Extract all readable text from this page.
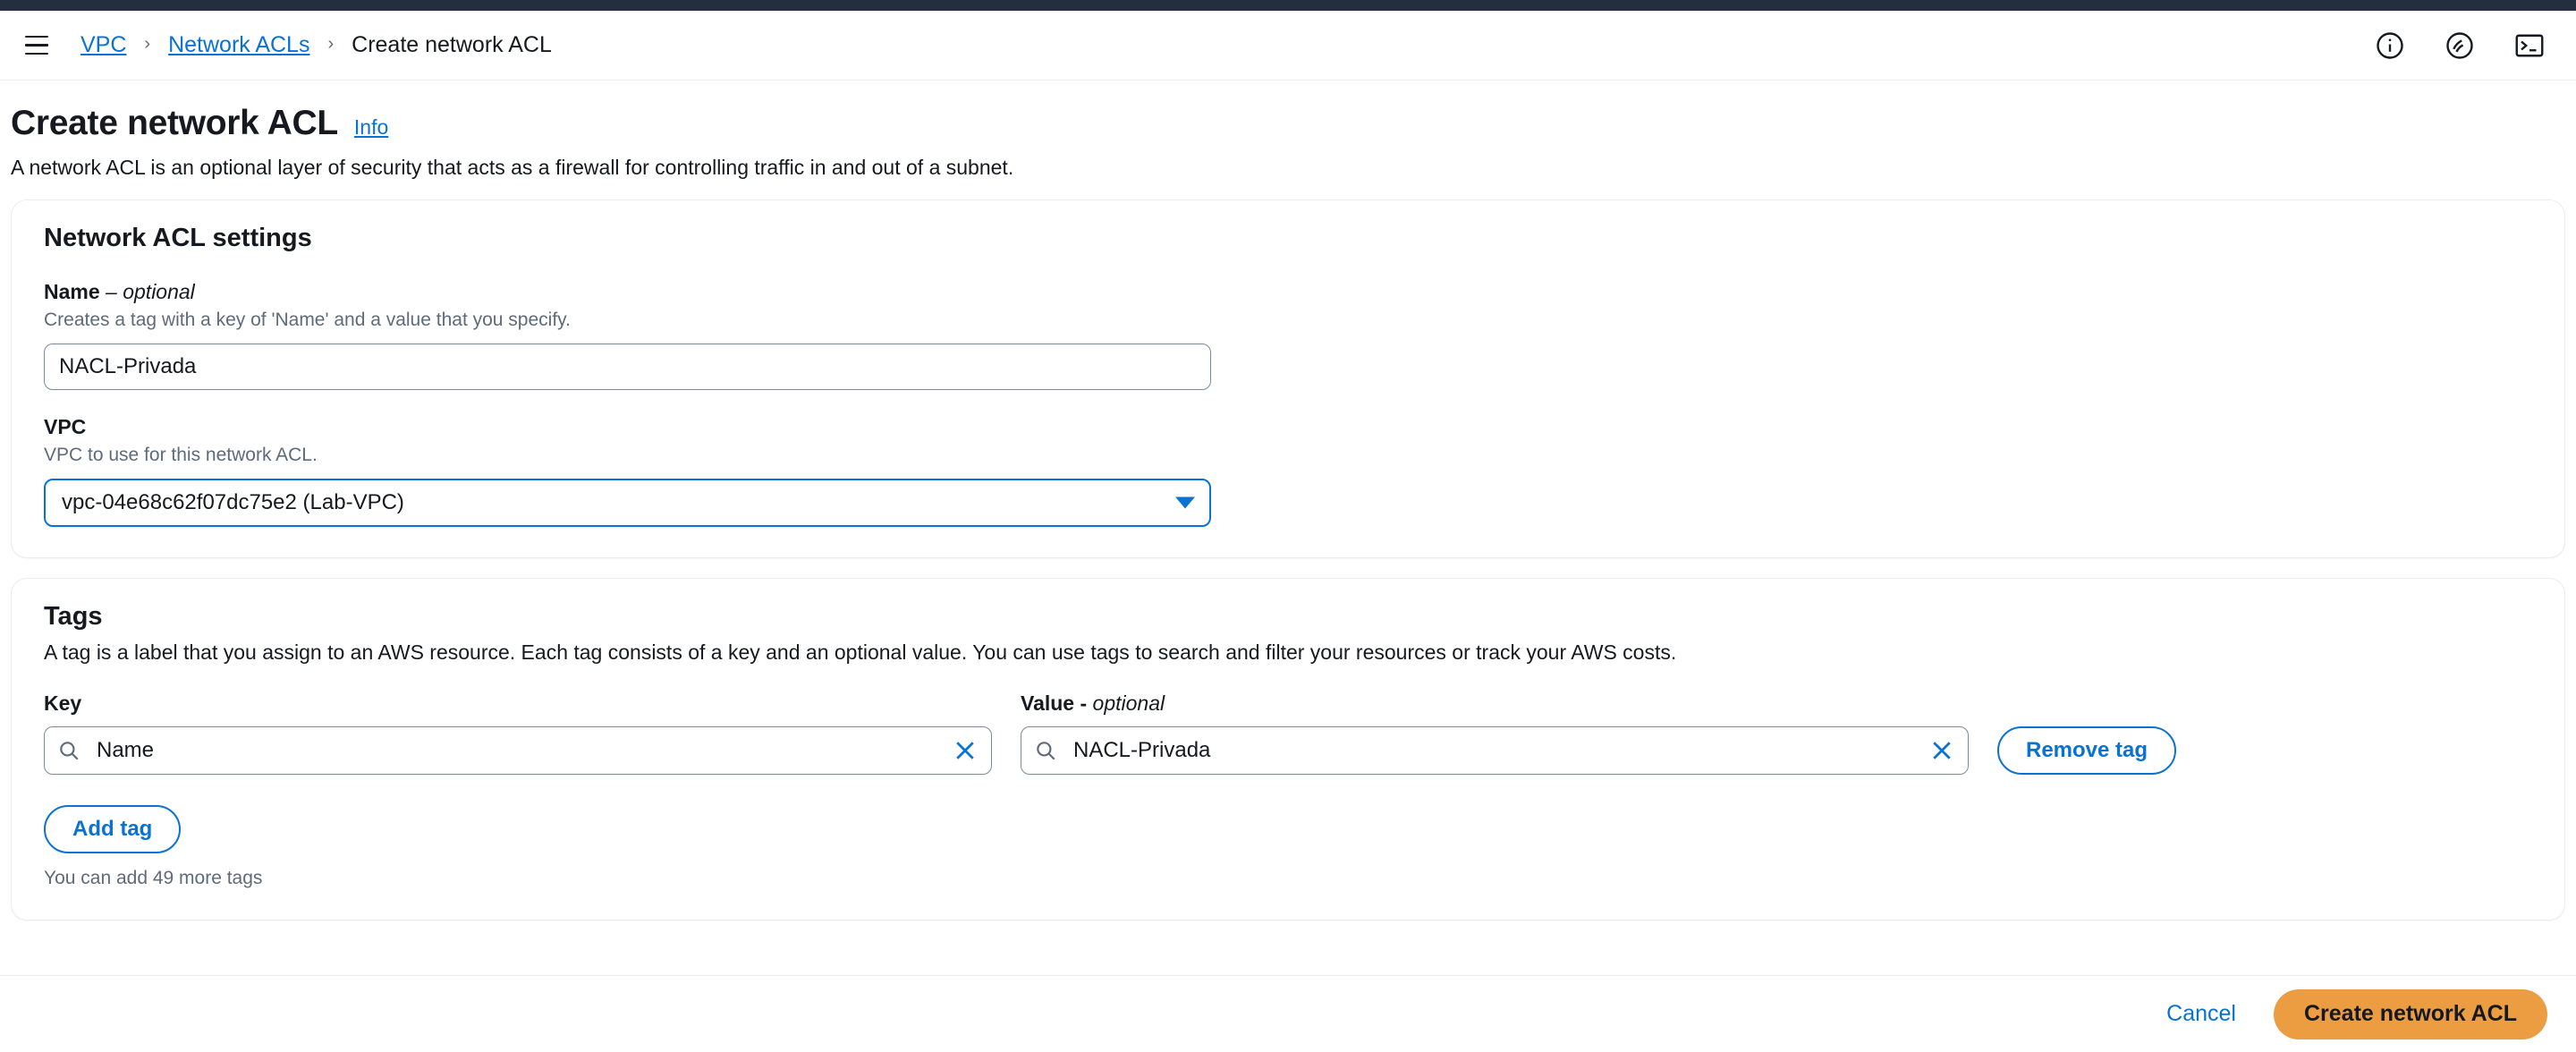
VPC › Network ACLs › Create network ACL
Create network ACL Info
A network ACL is an optional layer of security that acts as a firewall for controlling traffic in and out of a subnet.
Network ACL settings
Name – optional
Creates a tag with a key of 'Name' and a value that you specify.
NACL-Privada
VPC
VPC to use for this network ACL.
vpc-04e68c62f07dc75e2 (Lab-VPC)
Tags
A tag is a label that you assign to an AWS resource. Each tag consists of a key and an optional value. You can use tags to search and filter your resources or track your AWS costs.
Key
Name	Value - optional
NACL-Privada
Remove tag
Add tag
You can add 49 more tags
Cancel	Create network ACL
